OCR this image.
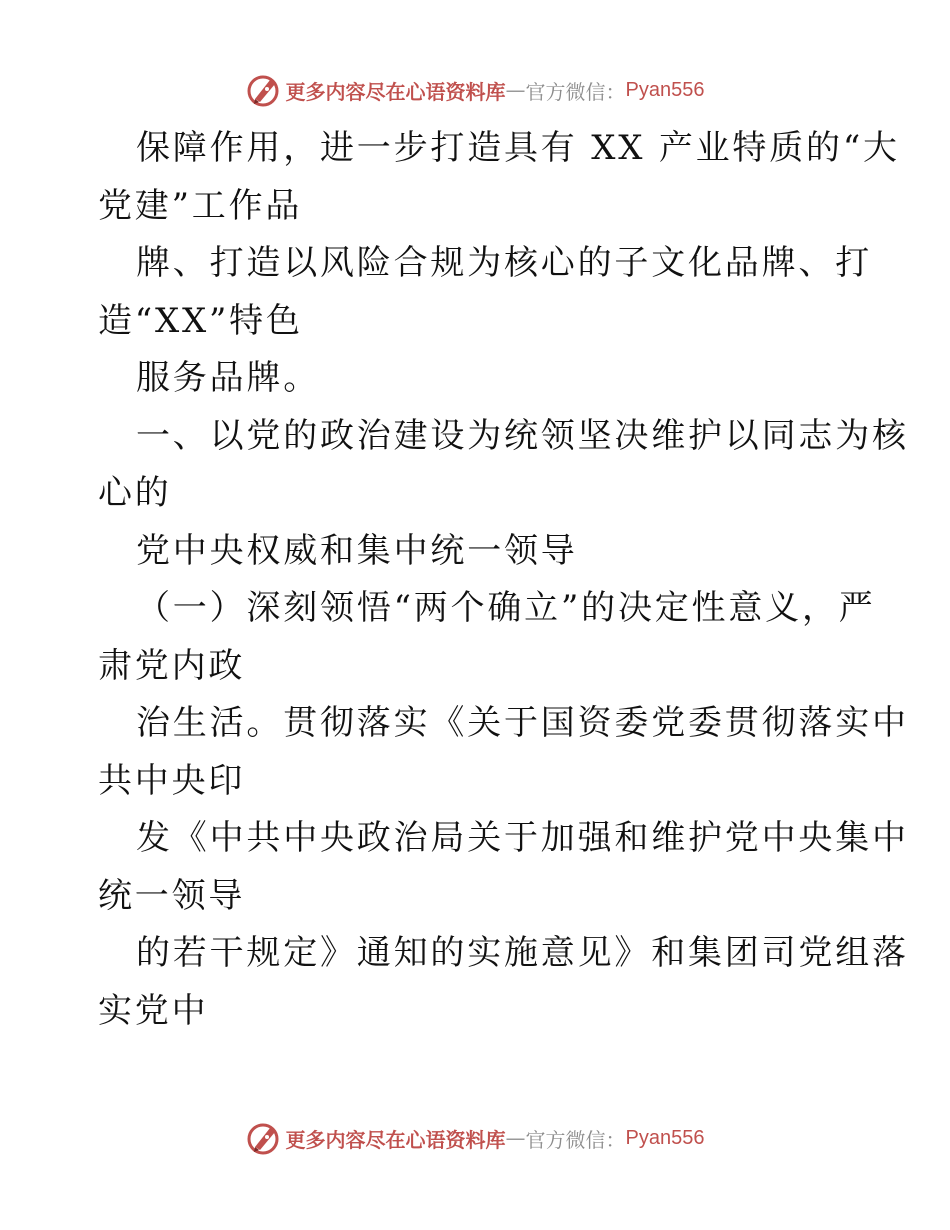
更多内容尽在心语资料库 — 官方微信： Pyan556
保障作用，进一步打造具有 XX 产业特质的“大
党建”工作品
牌、打造以风险合规为核心的子文化品牌、打
造“XX”特色
服务品牌。
一、以党的政治建设为统领坚决维护以同志为核
心的
党中央权威和集中统一领导
（一）深刻领悟“两个确立”的决定性意义，严
肃党内政
治生活。贯彻落实《关于国资委党委贯彻落实中
共中央印
发《中共中央政治局关于加强和维护党中央集中
统一领导
的若干规定》通知的实施意见》和集团司党组落
实党中
更多内容尽在心语资料库 — 官方微信： Pyan556
